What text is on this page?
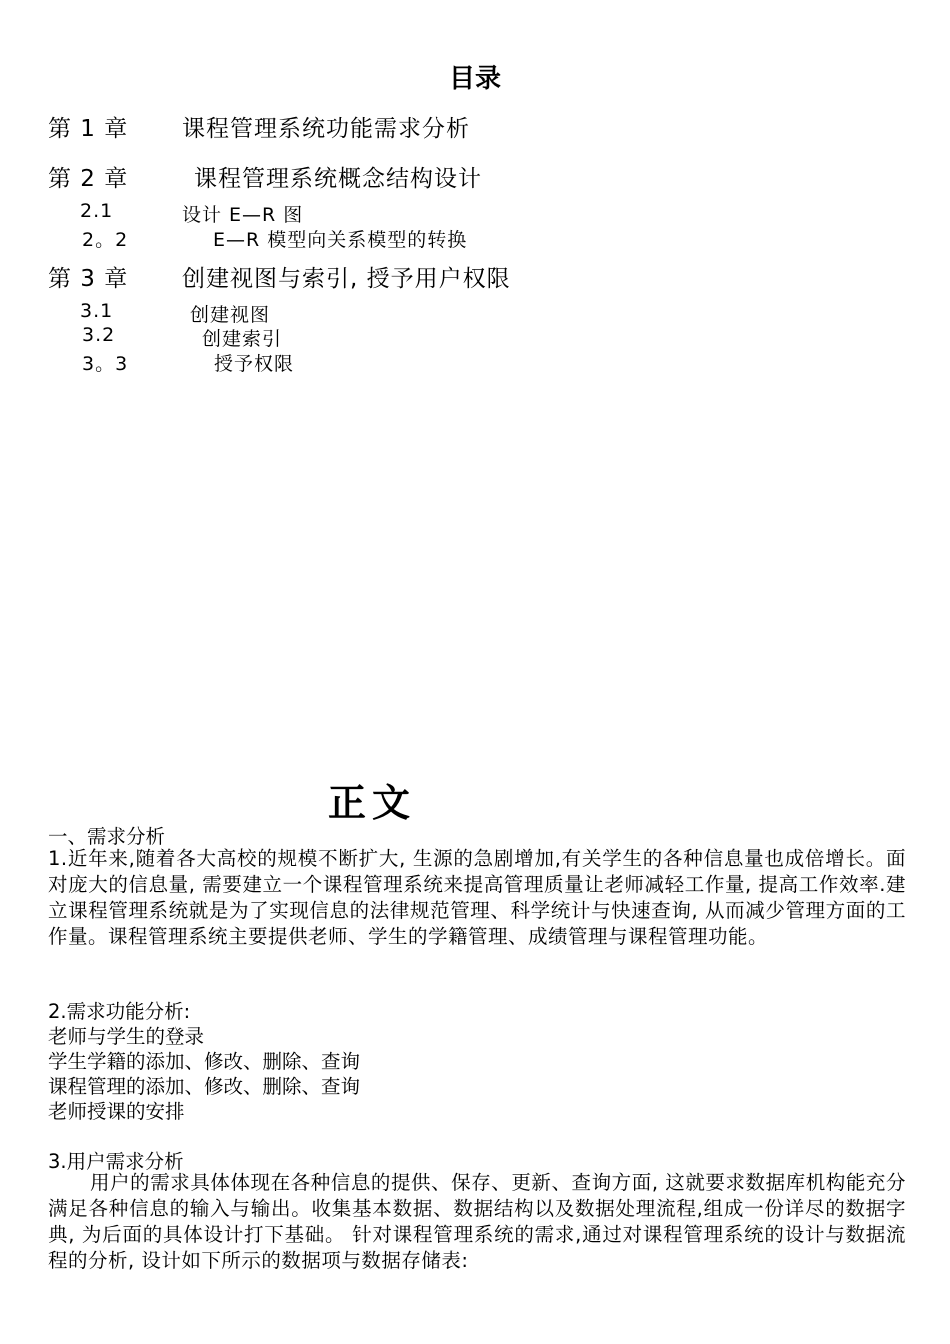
目录
第 1 章 课程管理系统功能需求分析
第 2 章	课程管理系统概念结构设计
2.1	设计 E—R 图
2。2	E—R 模型向关系模型的转换
第 3 章 创建视图与索引, 授予用户权限
3.1	创建视图
3.2	创建索引
3。3	授予权限
正文
一、需求分析
1.近年来,随着各大高校的规模不断扩大, 生源的急剧增加,有关学生的各种信息量也成倍增长。面对庞大的信息量, 需要建立一个课程管理系统来提高管理质量让老师减轻工作量, 提高工作效率.建立课程管理系统就是为了实现信息的法律规范管理、科学统计与快速查询, 从而减少管理方面的工作量。课程管理系统主要提供老师、学生的学籍管理、成绩管理与课程管理功能。
2.需求功能分析:
老师与学生的登录
学生学籍的添加、修改、删除、查询
课程管理的添加、修改、删除、查询
老师授课的安排
3.用户需求分析
用户的需求具体体现在各种信息的提供、保存、更新、查询方面, 这就要求数据库机构能充分满足各种信息的输入与输出。收集基本数据、数据结构以及数据处理流程,组成一份详尽的数据字典, 为后面的具体设计打下基础。 针对课程管理系统的需求,通过对课程管理系统的设计与数据流程的分析, 设计如下所示的数据项与数据存储表:
